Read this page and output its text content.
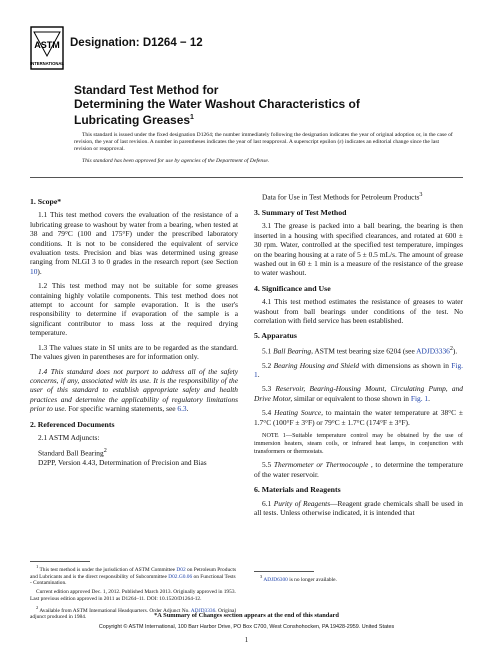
ASTM
INTERNATIONAL
Designation: D1264 − 12
Standard Test Method for
Determining the Water Washout Characteristics of
Lubricating Greases$^1$

This standard is issued under the fixed designation D1264; the number immediately following the designation indicates the year of original adoption or, in the case of revision, the year of last revision. A number in parentheses indicates the year of last reapproval. A superscript epsilon (ε) indicates an editorial change since the last revision or reapproval.

This standard has been approved for use by agencies of the Department of Defense.

1. Scope*

1.1 This test method covers the evaluation of the resistance of a lubricating grease to washout by water from a bearing, when tested at 38 and 79°C (100 and 175°F) under the prescribed laboratory conditions. It is not to be considered the equivalent of service evaluation tests. Precision and bias was determined using grease ranging from NLGI 3 to 0 grades in the research report (see Section 10).

1.2 This test method may not be suitable for some greases containing highly volatile components. This test method does not attempt to account for sample evaporation. It is the user's responsibility to determine if evaporation of the sample is a significant contributor to mass loss at the required drying temperature.

1.3 The values state in SI units are to be regarded as the standard. The values given in parentheses are for information only.

1.4 This standard does not purport to address all of the safety concerns, if any, associated with its use. It is the responsibility of the user of this standard to establish appropriate safety and health practices and determine the applicability of regulatory limitations prior to use. For specific warning statements, see 6.3.

2. Referenced Documents

2.1 ASTM Adjuncts:

Standard Ball Bearing$^2$

D2PP, Version 4.43, Determination of Precision and Bias

$^1$ This test method is under the jurisdiction of ASTM Committee D02 on Petroleum Products and Lubricants and is the direct responsibility of Subcommittee D02.G0.06 on Functional Tests - Contamination.

Current edition approved Dec. 1, 2012. Published March 2013. Originally approved in 1953. Last previous edition approved in 2011 as D1264–11. DOI: 10.1520/D1264-12.

$^2$ Available from ASTM International Headquarters. Order Adjunct No. ADJD3336. Original adjunct produced in 1984.

Data for Use in Test Methods for Petroleum Products$^3$

3. Summary of Test Method

3.1 The grease is packed into a ball bearing, the bearing is then inserted in a housing with specified clearances, and rotated at 600 ± 30 rpm. Water, controlled at the specified test temperature, impinges on the bearing housing at a rate of 5 ± 0.5 mL/s. The amount of grease washed out in 60 ± 1 min is a measure of the resistance of the grease to water washout.

4. Significance and Use

4.1 This test method estimates the resistance of greases to water washout from ball bearings under conditions of the test. No correlation with field service has been established.

5. Apparatus

5.1 Ball Bearing, ASTM test bearing size 6204 (see ADJD3336$^2$).

5.2 Bearing Housing and Shield with dimensions as shown in Fig. 1.

5.3 Reservoir, Bearing-Housing Mount, Circulating Pump, and Drive Motor, similar or equivalent to those shown in Fig. 1.

5.4 Heating Source, to maintain the water temperature at 38°C ± 1.7°C (100°F ± 3°F) or 79°C ± 1.7°C (174°F ± 3°F).

NOTE 1—Suitable temperature control may be obtained by the use of immersion heaters, steam coils, or infrared heat lamps, in conjunction with transformers or thermostats.

5.5 Thermometer or Thermocouple , to determine the temperature of the water reservoir.

6. Materials and Reagents

6.1 Purity of Reagents—Reagent grade chemicals shall be used in all tests. Unless otherwise indicated, it is intended that

$^3$ ADJD6300 is no longer available.

*A Summary of Changes section appears at the end of this standard
Copyright © ASTM International, 100 Barr Harbor Drive, PO Box C700, West Conshohocken, PA 19428-2959. United States
1
